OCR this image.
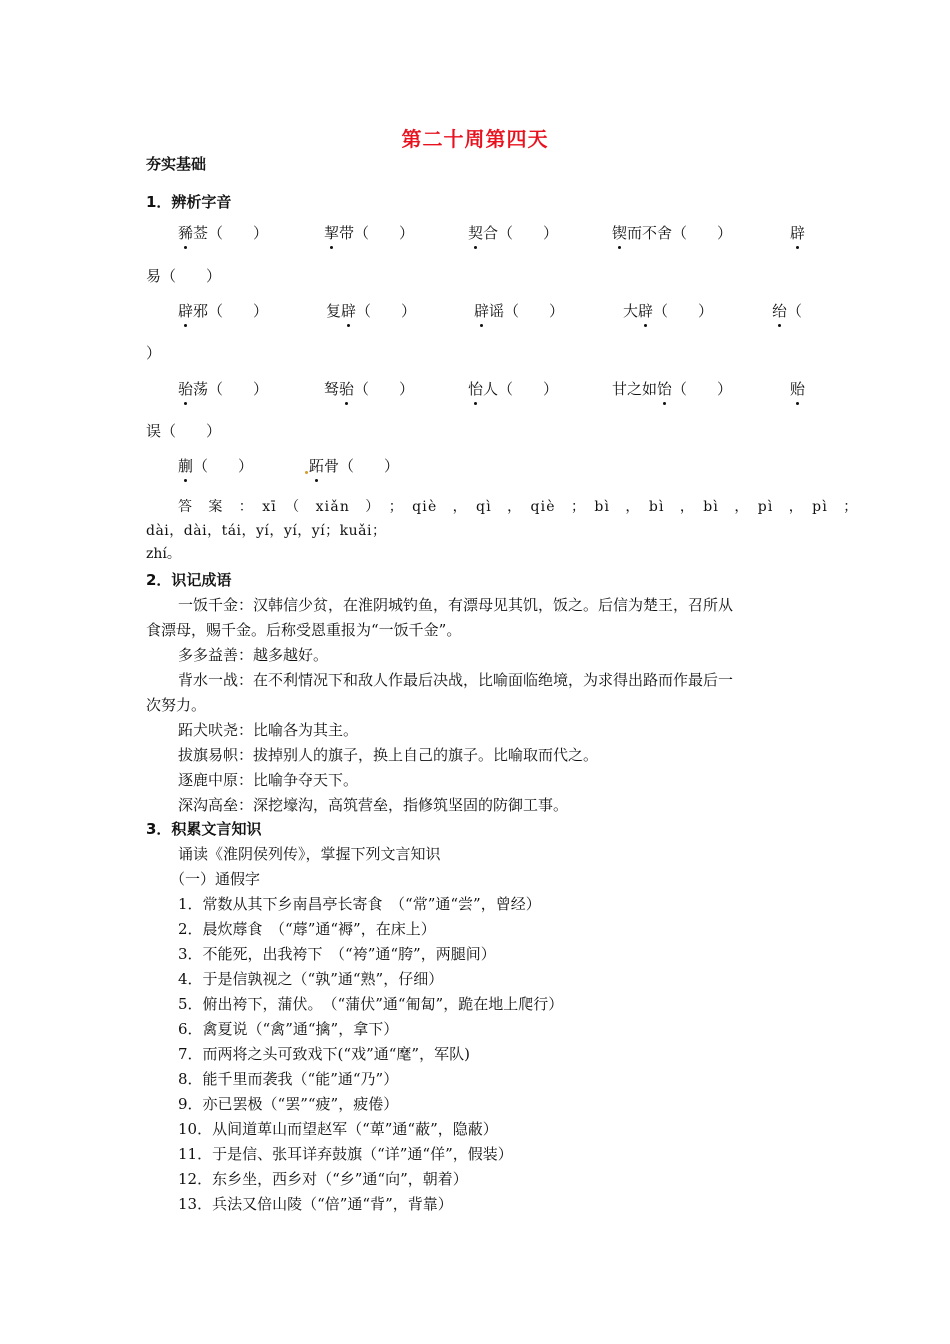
第二十周第四天
夯实基础
1．辨析字音
豨莶（　　）	挈带（　　）	契合（　　）	锲而不舍（　　）	辟
易（　　）
辟邪（　　）	复辟（　　）	辟谣（　　）	大辟（　　）	绐（
）
骀荡（　　）	驽骀（　　）	怡人（　　）	甘之如饴（　　）	贻
误（　　）
蒯（　　）	跖骨（　　）
答　案　：　xī　（　xiǎn　）　；　qiè　，　qì　，　qiè　；　bì　，　bì　，　bì　，　pì　，　pì　；
dài，dài，tái，yí，yí，yí；kuǎi；
zhí。
2．识记成语
一饭千金：汉韩信少贫，在淮阴城钓鱼，有漂母见其饥，饭之。后信为楚王，召所从
食漂母，赐千金。后称受恩重报为“一饭千金”。
多多益善：越多越好。
背水一战：在不利情况下和敌人作最后决战，比喻面临绝境，为求得出路而作最后一
次努力。
跖犬吠尧：比喻各为其主。
拔旗易帜：拔掉别人的旗子，换上自己的旗子。比喻取而代之。
逐鹿中原：比喻争夺天下。
深沟高垒：深挖壕沟，高筑营垒，指修筑坚固的防御工事。
3．积累文言知识
诵读《淮阴侯列传》，掌握下列文言知识
（一）通假字
1．常数从其下乡南昌亭长寄食　（“常”通“尝”，曾经）
2．晨炊蓐食　（“蓐”通“褥”，在床上）
3．不能死，出我袴下　（“袴”通“胯”，两腿间）
4．于是信孰视之（“孰”通“熟”，仔细）
5．俯出袴下，蒲伏。　（“蒲伏”通“匍匐”，跪在地上爬行）
6．禽夏说（“禽”通“擒”，拿下）
7．而两将之头可致戏下(“戏”通“麾”，军队)
8．能千里而袭我（“能”通“乃”）
9．亦已罢极（“罢”“疲”，疲倦）
10．从间道萆山而望赵军（“萆”通“蔽”，隐蔽）
11．于是信、张耳详弃鼓旗（“详”通“佯”，假装）
12．东乡坐，西乡对（“乡”通“向”，朝着）
13．兵法又倍山陵（“倍”通“背”，背靠）
